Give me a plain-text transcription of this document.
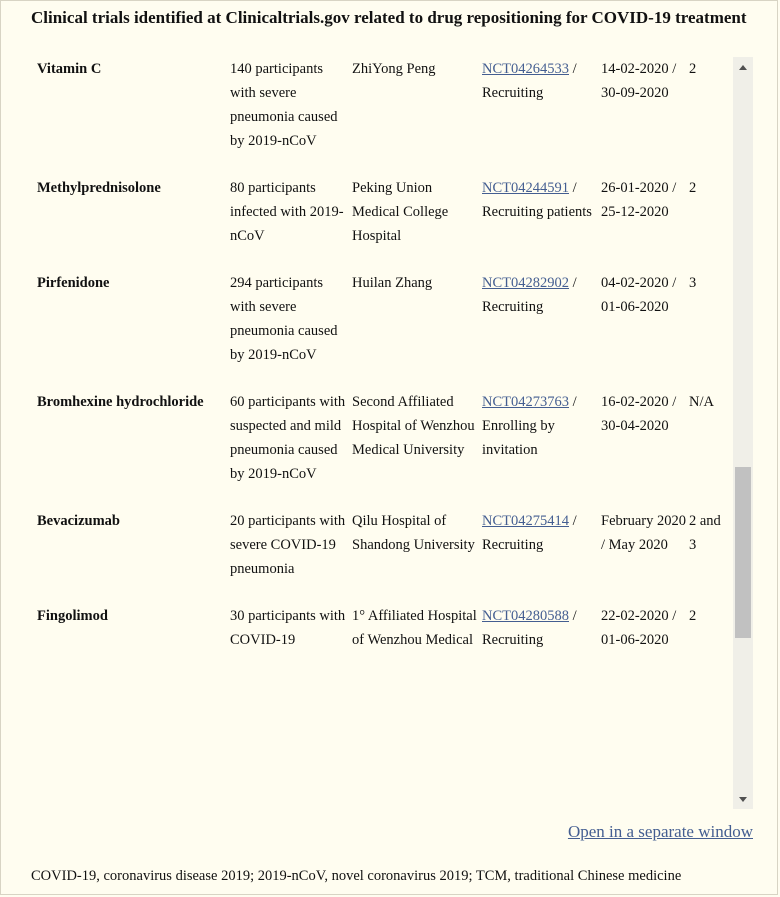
Clinical trials identified at Clinicaltrials.gov related to drug repositioning for COVID-19 treatment
Vitamin C	140 participants with severe pneumonia caused by 2019-nCoV	ZhiYong Peng	NCT04264533 / Recruiting	14-02-2020 / 30-09-2020	2
Methylprednisolone	80 participants infected with 2019-nCoV	Peking Union Medical College Hospital	NCT04244591 / Recruiting patients	26-01-2020 / 25-12-2020	2
Pirfenidone	294 participants with severe pneumonia caused by 2019-nCoV	Huilan Zhang	NCT04282902 / Recruiting	04-02-2020 / 01-06-2020	3
Bromhexine hydrochloride	60 participants with suspected and mild pneumonia caused by 2019-nCoV	Second Affiliated Hospital of Wenzhou Medical University	NCT04273763 / Enrolling by invitation	16-02-2020 / 30-04-2020	N/A
Bevacizumab	20 participants with severe COVID-19 pneumonia	Qilu Hospital of Shandong University	NCT04275414 / Recruiting	February 2020 / May 2020	2 and 3
Fingolimod	30 participants with COVID-19	1° Affiliated Hospital of Wenzhou Medical	NCT04280588 / Recruiting	22-02-2020 / 01-06-2020	2
Open in a separate window
COVID-19, coronavirus disease 2019; 2019-nCoV, novel coronavirus 2019; TCM, traditional Chinese medicine
